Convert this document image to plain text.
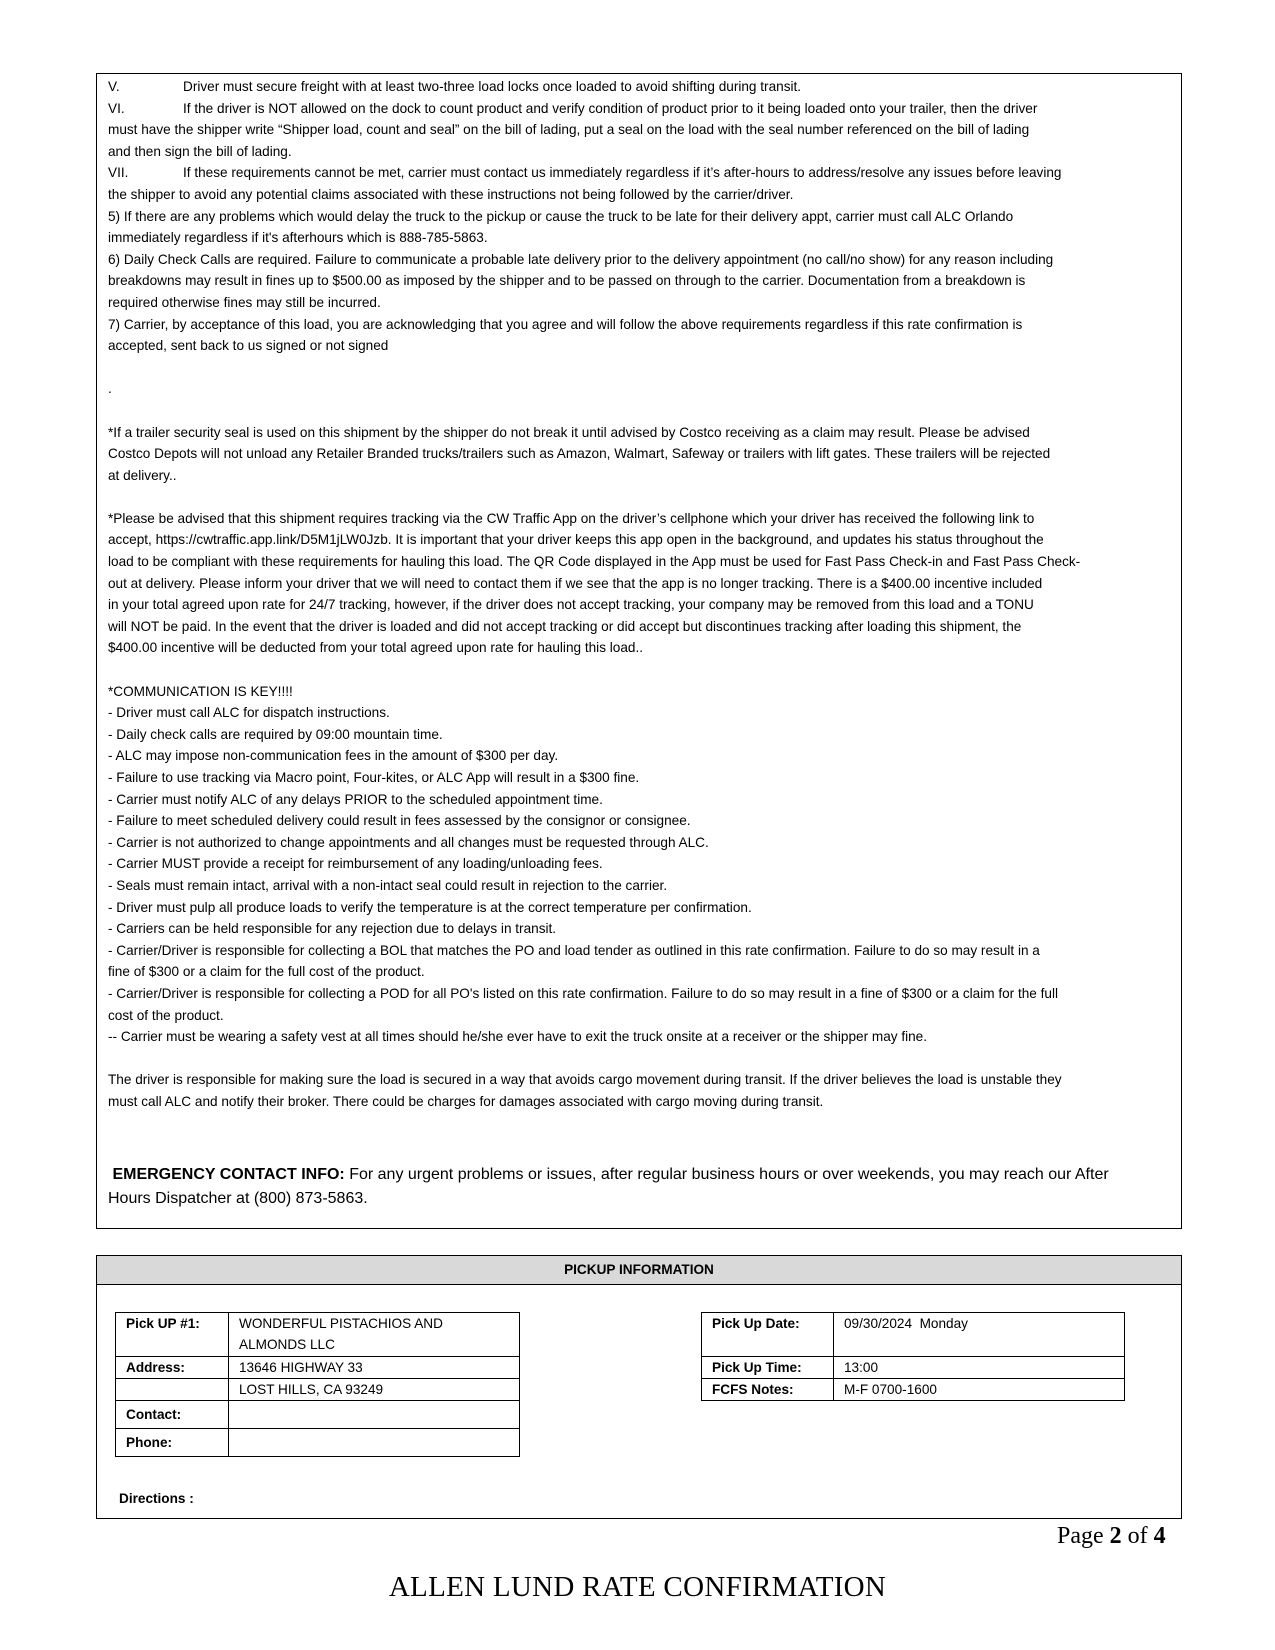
V.	Driver must secure freight with at least two-three load locks once loaded to avoid shifting during transit.
VI.	If the driver is NOT allowed on the dock to count product and verify condition of product prior to it being loaded onto your trailer, then the driver
must have the shipper write “Shipper load, count and seal” on the bill of lading, put a seal on the load with the seal number referenced on the bill of lading
and then sign the bill of lading.
VII.	If these requirements cannot be met, carrier must contact us immediately regardless if it’s after-hours to address/resolve any issues before leaving
the shipper to avoid any potential claims associated with these instructions not being followed by the carrier/driver.
5) If there are any problems which would delay the truck to the pickup or cause the truck to be late for their delivery appt, carrier must call ALC Orlando
immediately regardless if it's afterhours which is 888-785-5863.
6) Daily Check Calls are required. Failure to communicate a probable late delivery prior to the delivery appointment (no call/no show) for any reason including
breakdowns may result in fines up to $500.00 as imposed by the shipper and to be passed on through to the carrier. Documentation from a breakdown is
required otherwise fines may still be incurred.
7) Carrier, by acceptance of this load, you are acknowledging that you agree and will follow the above requirements regardless if this rate confirmation is
accepted, sent back to us signed or not signed
.
*If a trailer security seal is used on this shipment by the shipper do not break it until advised by Costco receiving as a claim may result. Please be advised
Costco Depots will not unload any Retailer Branded trucks/trailers such as Amazon, Walmart, Safeway or trailers with lift gates. These trailers will be rejected
at delivery..
*Please be advised that this shipment requires tracking via the CW Traffic App on the driver’s cellphone which your driver has received the following link to
accept, https://cwtraffic.app.link/D5M1jLW0Jzb. It is important that your driver keeps this app open in the background, and updates his status throughout the
load to be compliant with these requirements for hauling this load. The QR Code displayed in the App must be used for Fast Pass Check-in and Fast Pass Check-
out at delivery. Please inform your driver that we will need to contact them if we see that the app is no longer tracking. There is a $400.00 incentive included
in your total agreed upon rate for 24/7 tracking, however, if the driver does not accept tracking, your company may be removed from this load and a TONU
will NOT be paid. In the event that the driver is loaded and did not accept tracking or did accept but discontinues tracking after loading this shipment, the
$400.00 incentive will be deducted from your total agreed upon rate for hauling this load..
*COMMUNICATION IS KEY!!!!
- Driver must call ALC for dispatch instructions.
- Daily check calls are required by 09:00 mountain time.
- ALC may impose non-communication fees in the amount of $300 per day.
- Failure to use tracking via Macro point, Four-kites, or ALC App will result in a $300 fine.
- Carrier must notify ALC of any delays PRIOR to the scheduled appointment time.
- Failure to meet scheduled delivery could result in fees assessed by the consignor or consignee.
- Carrier is not authorized to change appointments and all changes must be requested through ALC.
- Carrier MUST provide a receipt for reimbursement of any loading/unloading fees.
- Seals must remain intact, arrival with a non-intact seal could result in rejection to the carrier.
- Driver must pulp all produce loads to verify the temperature is at the correct temperature per confirmation.
- Carriers can be held responsible for any rejection due to delays in transit.
- Carrier/Driver is responsible for collecting a BOL that matches the PO and load tender as outlined in this rate confirmation. Failure to do so may result in a
fine of $300 or a claim for the full cost of the product.
- Carrier/Driver is responsible for collecting a POD for all PO's listed on this rate confirmation. Failure to do so may result in a fine of $300 or a claim for the full
cost of the product.
-- Carrier must be wearing a safety vest at all times should he/she ever have to exit the truck onsite at a receiver or the shipper may fine.
The driver is responsible for making sure the load is secured in a way that avoids cargo movement during transit. If the driver believes the load is unstable they
must call ALC and notify their broker. There could be charges for damages associated with cargo moving during transit.
EMERGENCY CONTACT INFO: For any urgent problems or issues, after regular business hours or over weekends, you may reach our After
Hours Dispatcher at (800) 873-5863.
PICKUP INFORMATION
Pick UP #1:	WONDERFUL PISTACHIOS AND
ALMONDS LLC

Address:	13646 HIGHWAY 33
	LOST HILLS, CA 93249
Contact:	
Phone:	
Pick Up Date:	09/30/2024  Monday
Pick Up Time:	13:00
FCFS Notes:	M-F 0700-1600
Directions :
Page 2 of 4
ALLEN LUND RATE CONFIRMATION
